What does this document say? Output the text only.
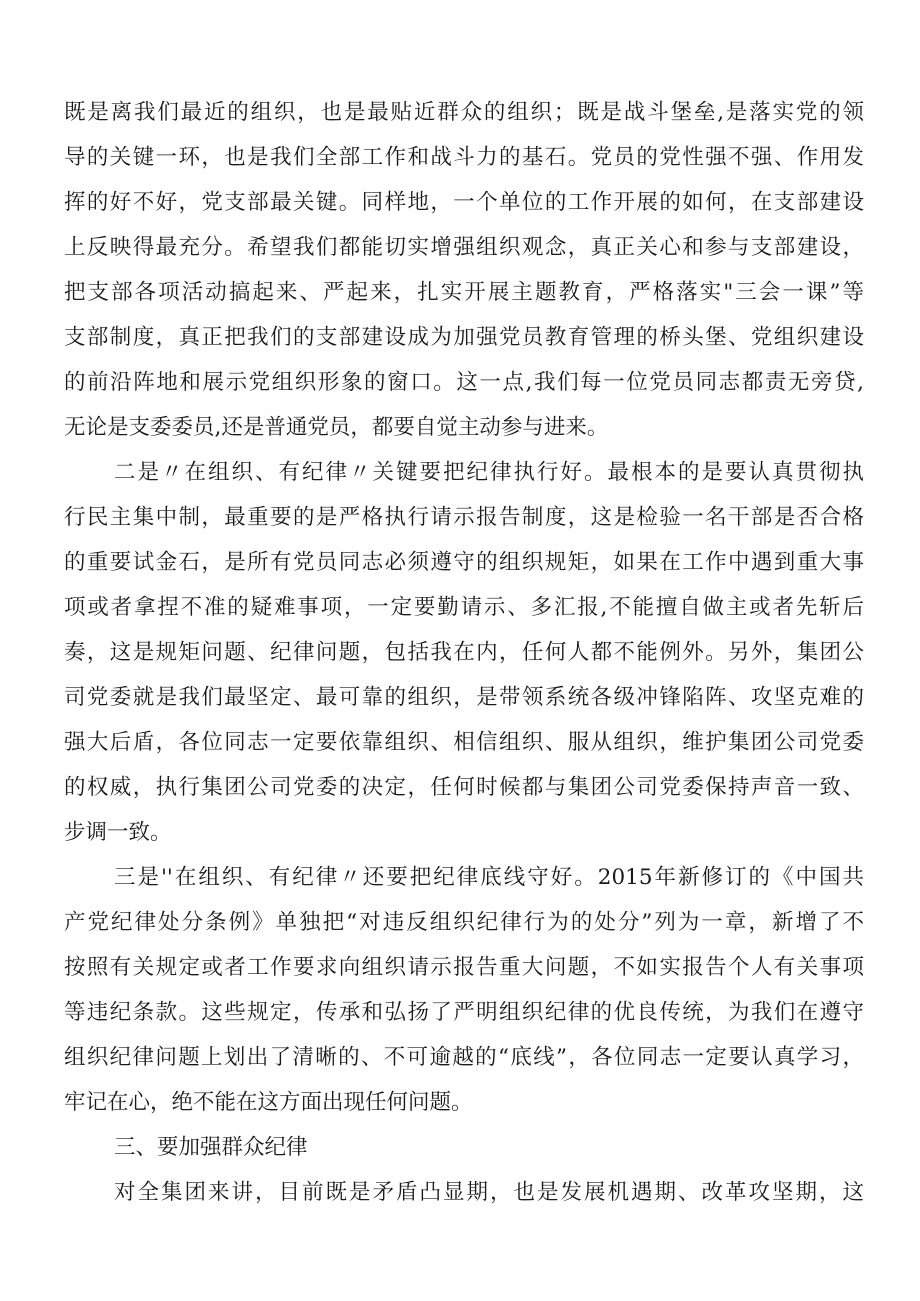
既是离我们最近的组织，也是最贴近群众的组织；既是战斗堡垒,是落实党的领
导的关键一环，也是我们全部工作和战斗力的基石。党员的党性强不强、作用发
挥的好不好，党支部最关键。同样地，一个单位的工作开展的如何，在支部建设
上反映得最充分。希望我们都能切实增强组织观念，真正关心和参与支部建设，
把支部各项活动搞起来、严起来，扎实开展主题教育，严格落实"三会一课”等
支部制度，真正把我们的支部建设成为加强党员教育管理的桥头堡、党组织建设
的前沿阵地和展示党组织形象的窗口。这一点,我们每一位党员同志都责无旁贷,
无论是支委委员,还是普通党员，都要自觉主动参与进来。
二是〃在组织、有纪律〃关键要把纪律执行好。最根本的是要认真贯彻执
行民主集中制，最重要的是严格执行请示报告制度，这是检验一名干部是否合格
的重要试金石，是所有党员同志必须遵守的组织规矩，如果在工作中遇到重大事
项或者拿捏不准的疑难事项，一定要勤请示、多汇报,不能擅自做主或者先斩后
奏，这是规矩问题、纪律问题，包括我在内，任何人都不能例外。另外，集团公
司党委就是我们最坚定、最可靠的组织，是带领系统各级冲锋陷阵、攻坚克难的
强大后盾，各位同志一定要依靠组织、相信组织、服从组织，维护集团公司党委
的权威，执行集团公司党委的决定，任何时候都与集团公司党委保持声音一致、
步调一致。
三是''在组织、有纪律〃还要把纪律底线守好。2015年新修订的《中国共
产党纪律处分条例》单独把“对违反组织纪律行为的处分”列为一章，新增了不
按照有关规定或者工作要求向组织请示报告重大问题，不如实报告个人有关事项
等违纪条款。这些规定，传承和弘扬了严明组织纪律的优良传统，为我们在遵守
组织纪律问题上划出了清晰的、不可逾越的“底线”，各位同志一定要认真学习，
牢记在心，绝不能在这方面出现任何问题。
三、要加强群众纪律
对全集团来讲，目前既是矛盾凸显期，也是发展机遇期、改革攻坚期，这
